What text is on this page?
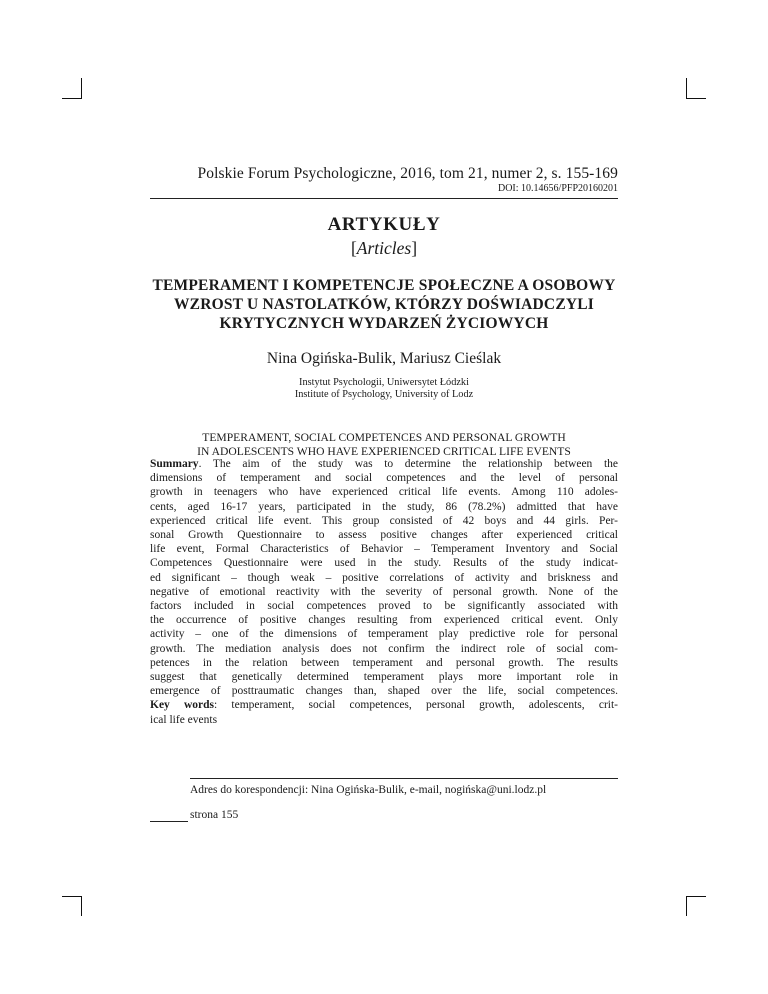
Polskie Forum Psychologiczne, 2016, tom 21, numer 2, s. 155-169
DOI: 10.14656/PFP20160201
ARTYKUŁY
[Articles]
TEMPERAMENT I KOMPETENCJE SPOŁECZNE A OSOBOWY
WZROST U NASTOLATKÓW, KTÓRZY DOŚWIADCZYLI
KRYTYCZNYCH WYDARZEŃ ŻYCIOWYCH
Nina Ogińska-Bulik, Mariusz Cieślak
Instytut Psychologii, Uniwersytet Łódzki
Institute of Psychology, University of Lodz
TEMPERAMENT, SOCIAL COMPETENCES AND PERSONAL GROWTH
IN ADOLESCENTS WHO HAVE EXPERIENCED CRITICAL LIFE EVENTS
Summary. The aim of the study was to determine the relationship between the
dimensions of temperament and social competences and the level of personal
growth in teenagers who have experienced critical life events. Among 110 adoles-
cents, aged 16-17 years, participated in the study, 86 (78.2%) admitted that have
experienced critical life event. This group consisted of 42 boys and 44 girls. Per-
sonal Growth Questionnaire to assess positive changes after experienced critical
life event, Formal Characteristics of Behavior – Temperament Inventory and Social
Competences Questionnaire were used in the study. Results of the study indicat-
ed significant – though weak – positive correlations of activity and briskness and
negative of emotional reactivity with the severity of personal growth. None of the
factors included in social competences proved to be significantly associated with
the occurrence of positive changes resulting from experienced critical event. Only
activity – one of the dimensions of temperament play predictive role for personal
growth. The mediation analysis does not confirm the indirect role of social com-
petences in the relation between temperament and personal growth. The results
suggest that genetically determined temperament plays more important role in
emergence of posttraumatic changes than, shaped over the life, social competences.
Key words: temperament, social competences, personal growth, adolescents, crit-
ical life events
Adres do korespondencji: Nina Ogińska-Bulik, e-mail, nogińska@uni.lodz.pl
strona 155
